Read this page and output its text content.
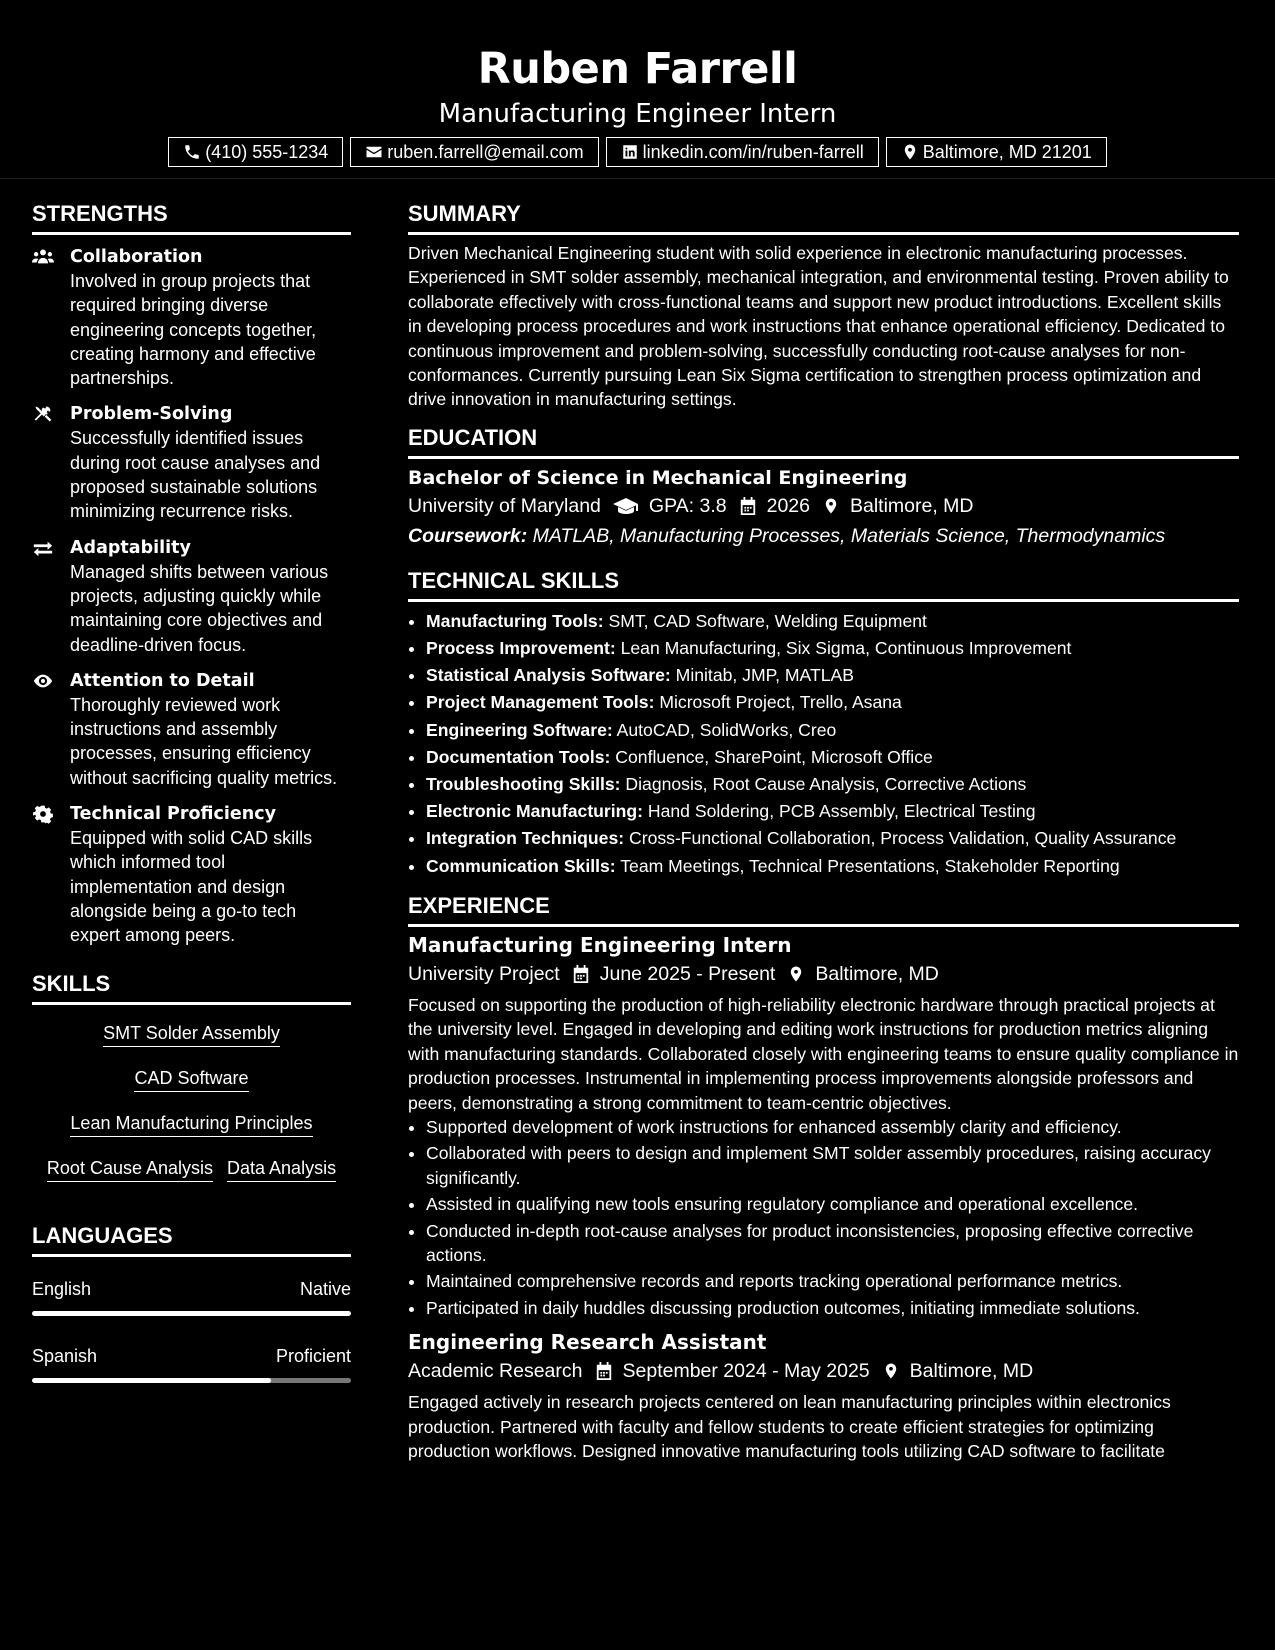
Ruben Farrell
Manufacturing Engineer Intern
(410) 555-1234	ruben.farrell@email.com	linkedin.com/in/ruben-farrell	Baltimore, MD 21201
STRENGTHS
Collaboration
Involved in group projects that required bringing diverse engineering concepts together, creating harmony and effective partnerships.
Problem-Solving
Successfully identified issues during root cause analyses and proposed sustainable solutions minimizing recurrence risks.
Adaptability
Managed shifts between various projects, adjusting quickly while maintaining core objectives and deadline-driven focus.
Attention to Detail
Thoroughly reviewed work instructions and assembly processes, ensuring efficiency without sacrificing quality metrics.
Technical Proficiency
Equipped with solid CAD skills which informed tool implementation and design alongside being a go-to tech expert among peers.
SKILLS
SMT Solder Assembly
CAD Software
Lean Manufacturing Principles
Root Cause Analysis Data Analysis
LANGUAGES
English	Native
Spanish	Proficient
SUMMARY
Driven Mechanical Engineering student with solid experience in electronic manufacturing processes. Experienced in SMT solder assembly, mechanical integration, and environmental testing. Proven ability to collaborate effectively with cross-functional teams and support new product introductions. Excellent skills in developing process procedures and work instructions that enhance operational efficiency. Dedicated to continuous improvement and problem-solving, successfully conducting root-cause analyses for non-conformances. Currently pursuing Lean Six Sigma certification to strengthen process optimization and drive innovation in manufacturing settings.
EDUCATION
Bachelor of Science in Mechanical Engineering
University of Maryland GPA: 3.8 2026 Baltimore, MD
Coursework: MATLAB, Manufacturing Processes, Materials Science, Thermodynamics
TECHNICAL SKILLS
• Manufacturing Tools: SMT, CAD Software, Welding Equipment
• Process Improvement: Lean Manufacturing, Six Sigma, Continuous Improvement
• Statistical Analysis Software: Minitab, JMP, MATLAB
• Project Management Tools: Microsoft Project, Trello, Asana
• Engineering Software: AutoCAD, SolidWorks, Creo
• Documentation Tools: Confluence, SharePoint, Microsoft Office
• Troubleshooting Skills: Diagnosis, Root Cause Analysis, Corrective Actions
• Electronic Manufacturing: Hand Soldering, PCB Assembly, Electrical Testing
• Integration Techniques: Cross-Functional Collaboration, Process Validation, Quality Assurance
• Communication Skills: Team Meetings, Technical Presentations, Stakeholder Reporting
EXPERIENCE
Manufacturing Engineering Intern
University Project June 2025 - Present Baltimore, MD
Focused on supporting the production of high-reliability electronic hardware through practical projects at the university level. Engaged in developing and editing work instructions for production metrics aligning with manufacturing standards. Collaborated closely with engineering teams to ensure quality compliance in production processes. Instrumental in implementing process improvements alongside professors and peers, demonstrating a strong commitment to team-centric objectives.
• Supported development of work instructions for enhanced assembly clarity and efficiency.
• Collaborated with peers to design and implement SMT solder assembly procedures, raising accuracy significantly.
• Assisted in qualifying new tools ensuring regulatory compliance and operational excellence.
• Conducted in-depth root-cause analyses for product inconsistencies, proposing effective corrective actions.
• Maintained comprehensive records and reports tracking operational performance metrics.
• Participated in daily huddles discussing production outcomes, initiating immediate solutions.
Engineering Research Assistant
Academic Research September 2024 - May 2025 Baltimore, MD
Engaged actively in research projects centered on lean manufacturing principles within electronics production. Partnered with faculty and fellow students to create efficient strategies for optimizing production workflows. Designed innovative manufacturing tools utilizing CAD software to facilitate
